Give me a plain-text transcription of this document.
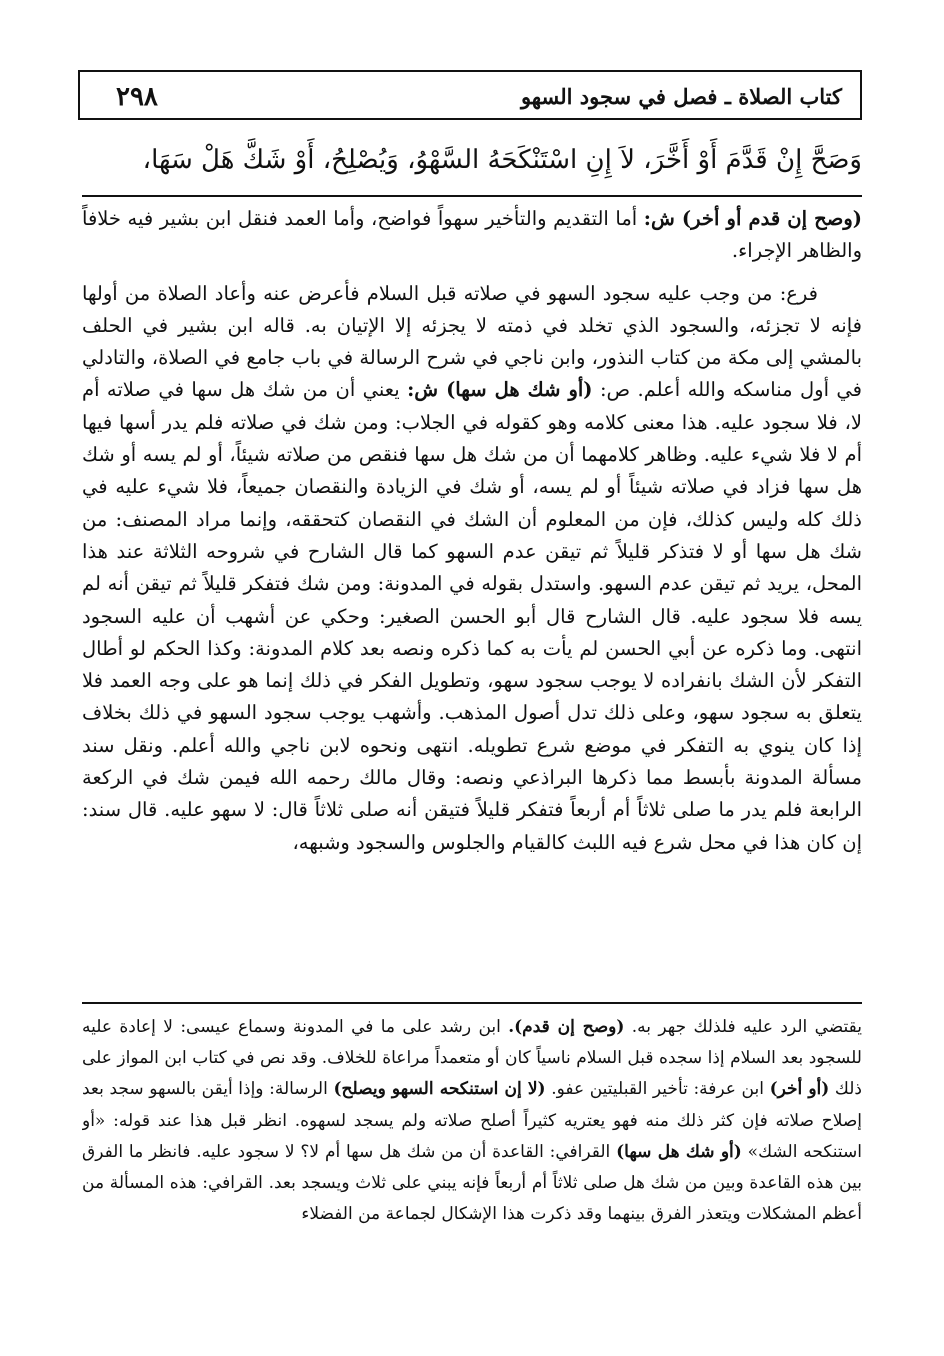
٢٩٨	كتاب الصلاة ـ فصل في سجود السهو
وَصَحَّ إِنْ قَدَّمَ أَوْ أَخَّرَ، لاَ إِنِ اسْتَنْكَحَهُ السَّهْوُ، وَيُصْلِحُ، أَوْ شَكَّ هَلْ سَهَا،

(وصح إن قدم أو أخر) ش: أما التقديم والتأخير سهواً فواضح، وأما العمد فنقل ابن بشير فيه خلافاً والظاهر الإجراء.

فرع: من وجب عليه سجود السهو في صلاته قبل السلام فأعرض عنه وأعاد الصلاة من أولها فإنه لا تجزئه، والسجود الذي تخلد في ذمته لا يجزئه إلا الإتيان به. قاله ابن بشير في الحلف بالمشي إلى مكة من كتاب النذور، وابن ناجي في شرح الرسالة في باب جامع في الصلاة، والتادلي في أول مناسكه والله أعلم. ص: (أو شك هل سها) ش: يعني أن من شك هل سها في صلاته أم لا، فلا سجود عليه. هذا معنى كلامه وهو كقوله في الجلاب: ومن شك في صلاته فلم يدر أسها فيها أم لا فلا شيء عليه. وظاهر كلامهما أن من شك هل سها فنقص من صلاته شيئاً، أو لم يسه أو شك هل سها فزاد في صلاته شيئاً أو لم يسه، أو شك في الزيادة والنقصان جميعاً، فلا شيء عليه في ذلك كله وليس كذلك، فإن من المعلوم أن الشك في النقصان كتحققه، وإنما مراد المصنف: من شك هل سها أو لا فتذكر قليلاً ثم تيقن عدم السهو كما قال الشارح في شروحه الثلاثة عند هذا المحل، يريد ثم تيقن عدم السهو. واستدل بقوله في المدونة: ومن شك فتفكر قليلاً ثم تيقن أنه لم يسه فلا سجود عليه. قال الشارح قال أبو الحسن الصغير: وحكي عن أشهب أن عليه السجود انتهى. وما ذكره عن أبي الحسن لم يأت به كما ذكره ونصه بعد كلام المدونة: وكذا الحكم لو أطال التفكر لأن الشك بانفراده لا يوجب سجود سهو، وتطويل الفكر في ذلك إنما هو على وجه العمد فلا يتعلق به سجود سهو، وعلى ذلك تدل أصول المذهب. وأشهب يوجب سجود السهو في ذلك بخلاف إذا كان ينوي به التفكر في موضع شرع تطويله. انتهى ونحوه لابن ناجي والله أعلم. ونقل سند مسألة المدونة بأبسط مما ذكرها البراذعي ونصه: وقال مالك رحمه الله فيمن شك في الركعة الرابعة فلم يدر ما صلى ثلاثاً أم أربعاً فتفكر قليلاً فتيقن أنه صلى ثلاثاً قال: لا سهو عليه. قال سند: إن كان هذا في محل شرع فيه اللبث كالقيام والجلوس والسجود وشبهه،

يقتضي الرد عليه فلذلك جهر به. (وصح إن قدم). ابن رشد على ما في المدونة وسماع عيسى: لا إعادة عليه للسجود بعد السلام إذا سجده قبل السلام ناسياً كان أو متعمداً مراعاة للخلاف. وقد نص في كتاب ابن المواز على ذلك (أو أخر) ابن عرفة: تأخير القبليتين عفو. (لا إن استنكحه السهو ويصلح) الرسالة: وإذا أيقن بالسهو سجد بعد إصلاح صلاته فإن كثر ذلك منه فهو يعتريه كثيراً أصلح صلاته ولم يسجد لسهوه. انظر قبل هذا عند قوله: «أو استنكحه الشك» (أو شك هل سها) القرافي: القاعدة أن من شك هل سها أم لا؟ لا سجود عليه. فانظر ما الفرق بين هذه القاعدة وبين من شك هل صلى ثلاثاً أم أربعاً فإنه يبني على ثلاث ويسجد بعد. القرافي: هذه المسألة من أعظم المشكلات ويتعذر الفرق بينهما وقد ذكرت هذا الإشكال لجماعة من الفضلاء
